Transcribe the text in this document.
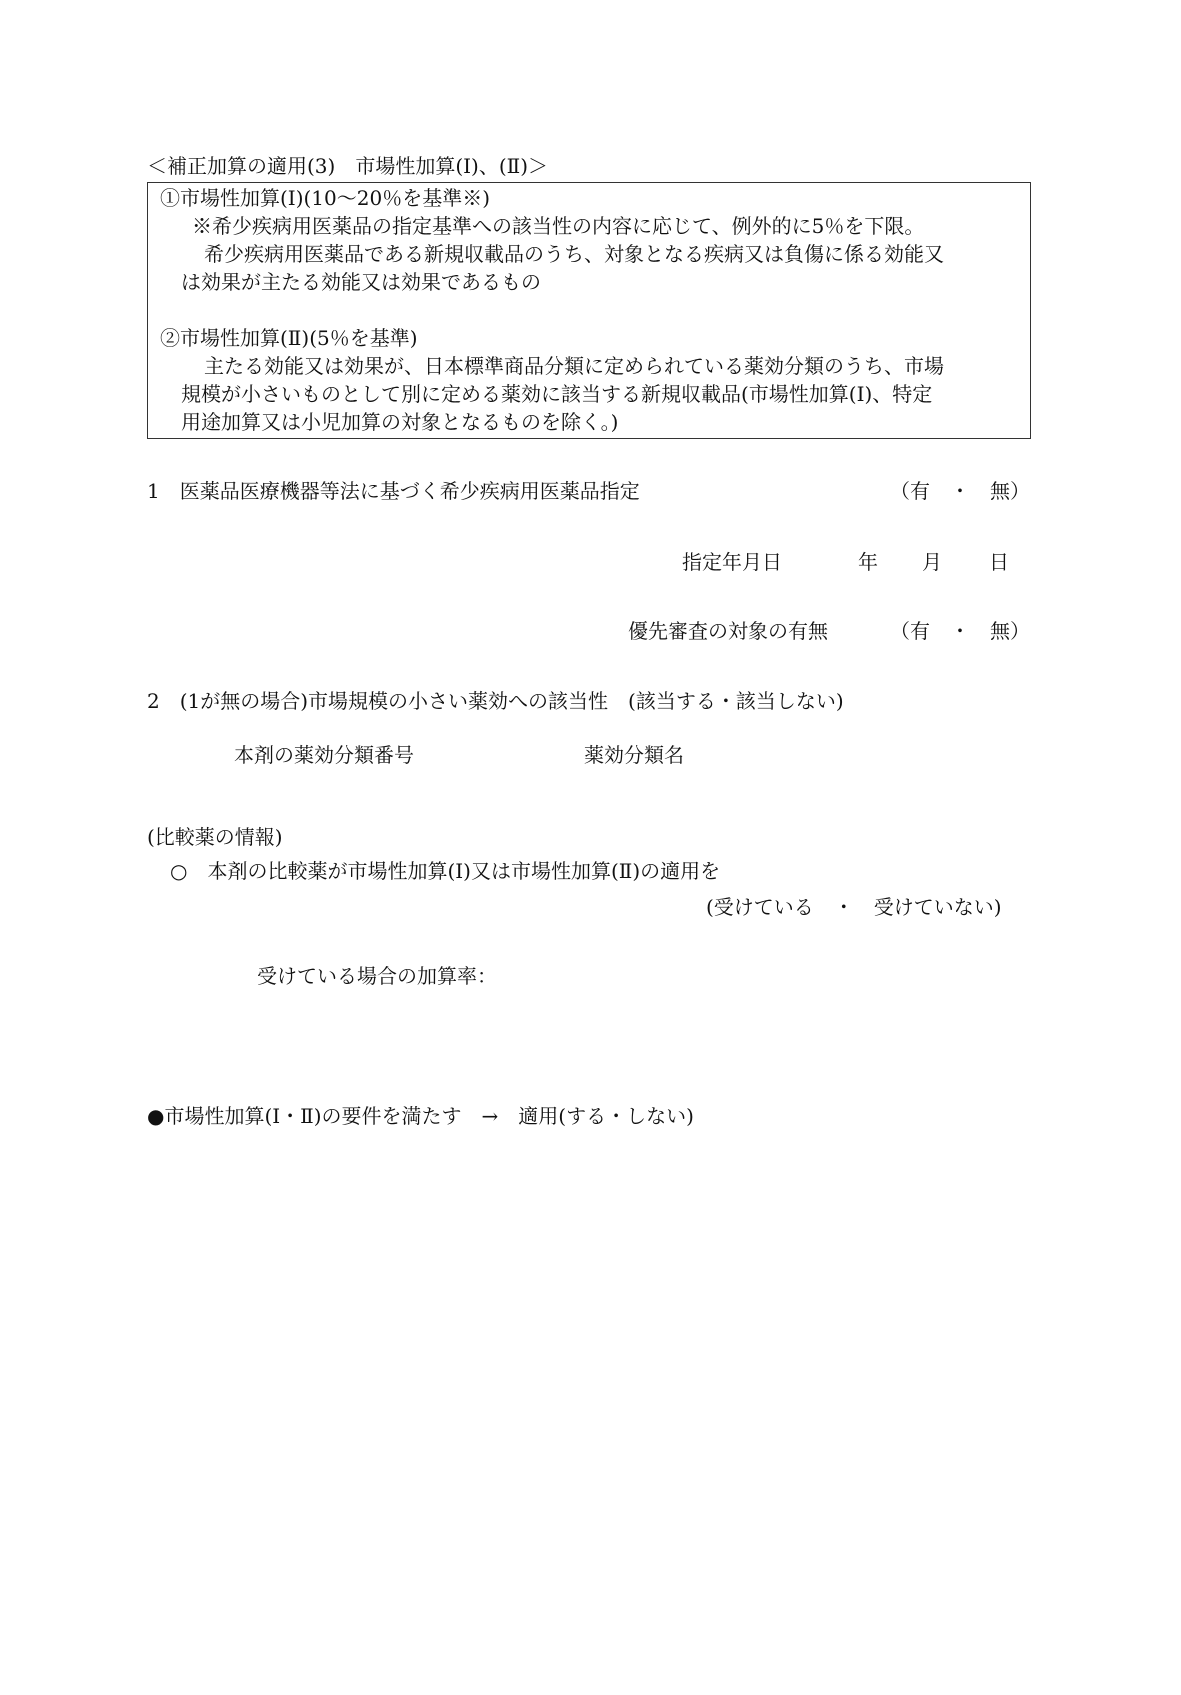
＜補正加算の適用(3)　市場性加算(Ⅰ)、(Ⅱ)＞
①市場性加算(Ⅰ)(10～20％を基準※)
※希少疾病用医薬品の指定基準への該当性の内容に応じて、例外的に5％を下限。
希少疾病用医薬品である新規収載品のうち、対象となる疾病又は負傷に係る効能又
は効果が主たる効能又は効果であるもの
②市場性加算(Ⅱ)(5％を基準)
主たる効能又は効果が、日本標準商品分類に定められている薬効分類のうち、市場
規模が小さいものとして別に定める薬効に該当する新規収載品(市場性加算(Ⅰ)、特定
用途加算又は小児加算の対象となるものを除く。)
1　医薬品医療機器等法に基づく希少疾病用医薬品指定	（有　・　無）
指定年月日	年 月 日
優先審査の対象の有無	（有　・　無）
2　(1が無の場合)市場規模の小さい薬効への該当性　(該当する・該当しない)
本剤の薬効分類番号	薬効分類名
(比較薬の情報)
○　本剤の比較薬が市場性加算(Ⅰ)又は市場性加算(Ⅱ)の適用を
(受けている　・　受けていない)
受けている場合の加算率：
●市場性加算(Ⅰ・Ⅱ)の要件を満たす　→　適用(する・しない)
